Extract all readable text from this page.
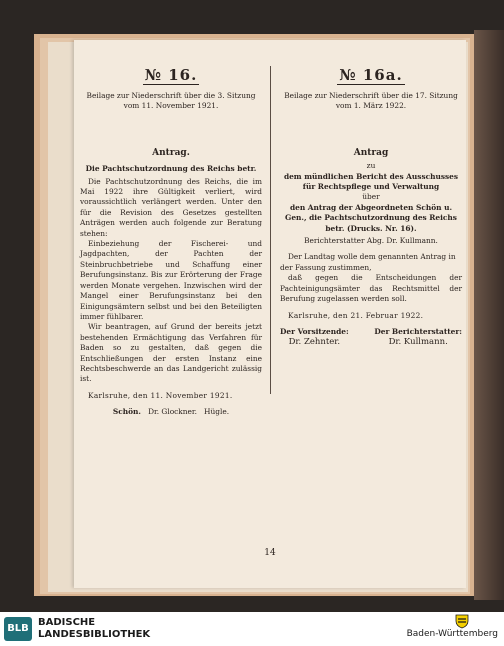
№ 16.
Beilage zur Niederschrift über die 3. Sitzung
vom 11. November 1921.
Antrag.
Die Pachtschutzordnung des Reichs betr.
Die Pachtschutzordnung des Reichs, die im Mai 1922 ihre Gültigkeit verliert, wird voraussichtlich verlängert werden. Unter den für die Revision des Gesetzes gestellten Anträgen werden auch folgende zur Beratung stehen:
Einbeziehung der Fischerei- und Jagdpachten, der Pachten der Steinbruchbetriebe und Schaffung einer Berufungsinstanz. Bis zur Erörterung der Frage werden Monate vergehen. Inzwischen wird der Mangel einer Berufungsinstanz bei den Einigungsämtern selbst und bei den Beteiligten immer fühlbarer.
Wir beantragen, auf Grund der bereits jetzt bestehenden Ermächtigung das Verfahren für Baden so zu gestalten, daß gegen die Entschließungen der ersten Instanz eine Rechtsbeschwerde an das Landgericht zulässig ist.
Karlsruhe, den 11. November 1921.
Schön. Dr. Glockner. Hügle.
№ 16a.
Beilage zur Niederschrift über die 17. Sitzung
vom 1. März 1922.
Antrag
zu
dem mündlichen Bericht des Ausschusses für Rechtspflege und Verwaltung
über
den Antrag der Abgeordneten Schön u. Gen., die Pachtschutzordnung des Reichs betr. (Drucks. Nr. 16).
Berichterstatter Abg. Dr. Kullmann.
Der Landtag wolle dem genannten Antrag in der Fassung zustimmen,
daß gegen die Entscheidungen der Pachteinigungsämter das Rechtsmittel der Berufung zugelassen werden soll.
Karlsruhe, den 21. Februar 1922.
Der Vorsitzende:
Dr. Zehnter.
Der Berichterstatter:
Dr. Kullmann.
14
BLB
BADISCHE
LANDESBIBLIOTHEK	Baden-Württemberg
